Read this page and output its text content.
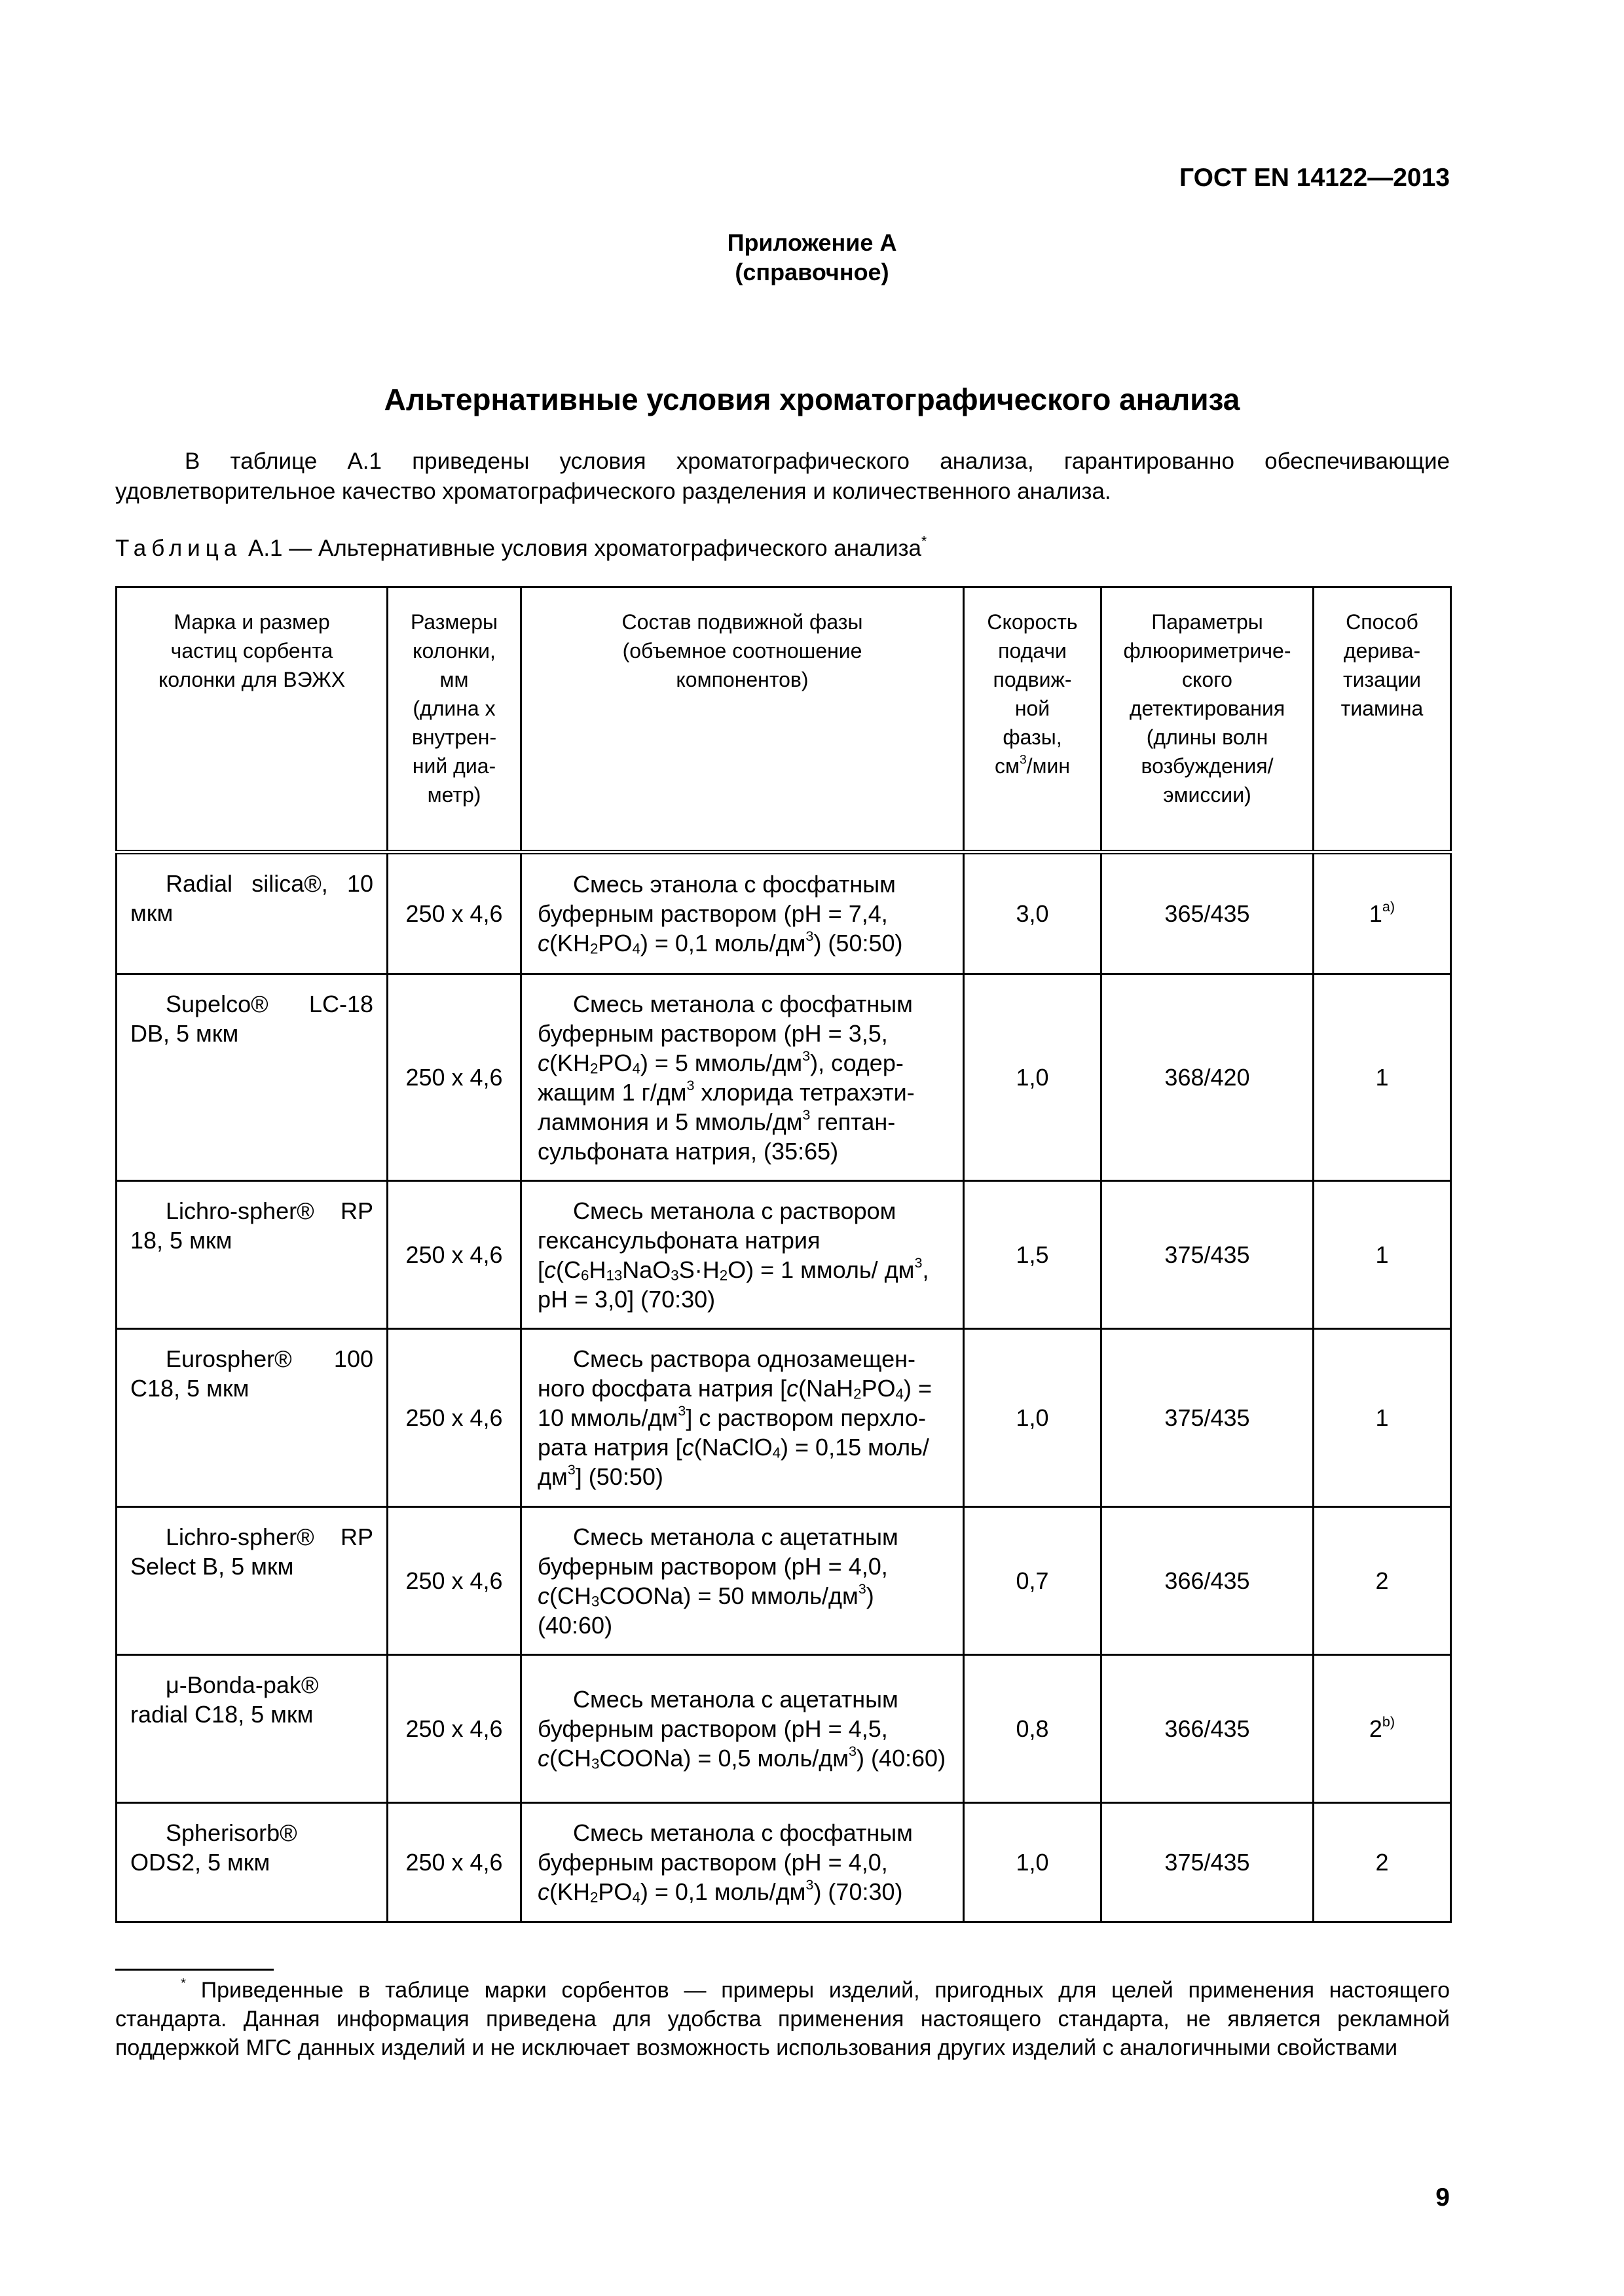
ГОСТ EN 14122—2013
Приложение А
(справочное)
Альтернативные условия хроматографического анализа
В таблице А.1 приведены условия хроматографического анализа, гарантированно обеспечивающие удовлетворительное качество хроматографического разделения и количественного анализа.
Таблица А.1 — Альтернативные условия хроматографического анализа*
Марка и размер частиц сорбента колонки для ВЭЖХ	Размеры колонки, мм (длина х внутренний диаметр)	Состав подвижной фазы (объемное соотношение компонентов)	Скорость подачи подвижной фазы, $см^3$/мин	Параметры флюориметрического детектирования (длины волн возбуждения/ эмиссии)	Способ дериватизации тиамина
Radial silica®, 10 мкм	250 x 4,6	Смесь этанола с фосфатным буферным раствором (pH = 7,4, $c(KH_2PO_4) = 0,1$ моль/$дм^3$) (50:50)	3,0	365/435	1$^{a)}$
Supelco® LC-18 DB, 5 мкм	250 x 4,6	Смесь метанола с фосфатным буферным раствором (pH = 3,5, $c(KH_2PO_4) = 5$ ммоль/$дм^3$), содержащим 1 $г/дм^3$ хлорида тетрахэтиламмония и 5 ммоль/$дм^3$ гептансульфоната натрия, (35:65)	1,0	368/420	1
Lichro-spher® RP 18, 5 мкм	250 x 4,6	Смесь метанола с раствором гексансульфоната натрия [$c(C_6H_{13}NaO_3S\cdot H_2O) = 1$ ммоль/ $дм^3$, pH = 3,0] (70:30)	1,5	375/435	1
Eurospher® 100 C18, 5 мкм	250 x 4,6	Смесь раствора однозамещенного фосфата натрия [$c(NaH_2PO_4) = 10$ ммоль/$дм^3$] с раствором перхлората натрия [c(NaClO$_4$) = 0,15 моль/$дм^3$] (50:50)	1,0	375/435	1
Lichro-spher® RP Select B, 5 мкм	250 x 4,6	Смесь метанола с ацетатным буферным раствором (pH = 4,0, $c(CH_3COONa) = 50$ ммоль/$дм^3$) (40:60)	0,7	366/435	2
μ-Bonda-pak® radial C18, 5 мкм	250 x 4,6	Смесь метанола с ацетатным буферным раствором (pH = 4,5, $c(CH_3COONa) = 0,5$ моль/$дм^3$) (40:60)	0,8	366/435	2$^{b)}$
Spherisorb® ODS2, 5 мкм	250 x 4,6	Смесь метанола с фосфатным буферным раствором (pH = 4,0, $c(KH_2PO_4) = 0,1$ моль/$дм^3$) (70:30)	1,0	375/435	2
* Приведенные в таблице марки сорбентов — примеры изделий, пригодных для целей применения настоящего стандарта. Данная информация приведена для удобства применения настоящего стандарта, не является рекламной поддержкой МГС данных изделий и не исключает возможность использования других изделий с аналогичными свойствами
9
